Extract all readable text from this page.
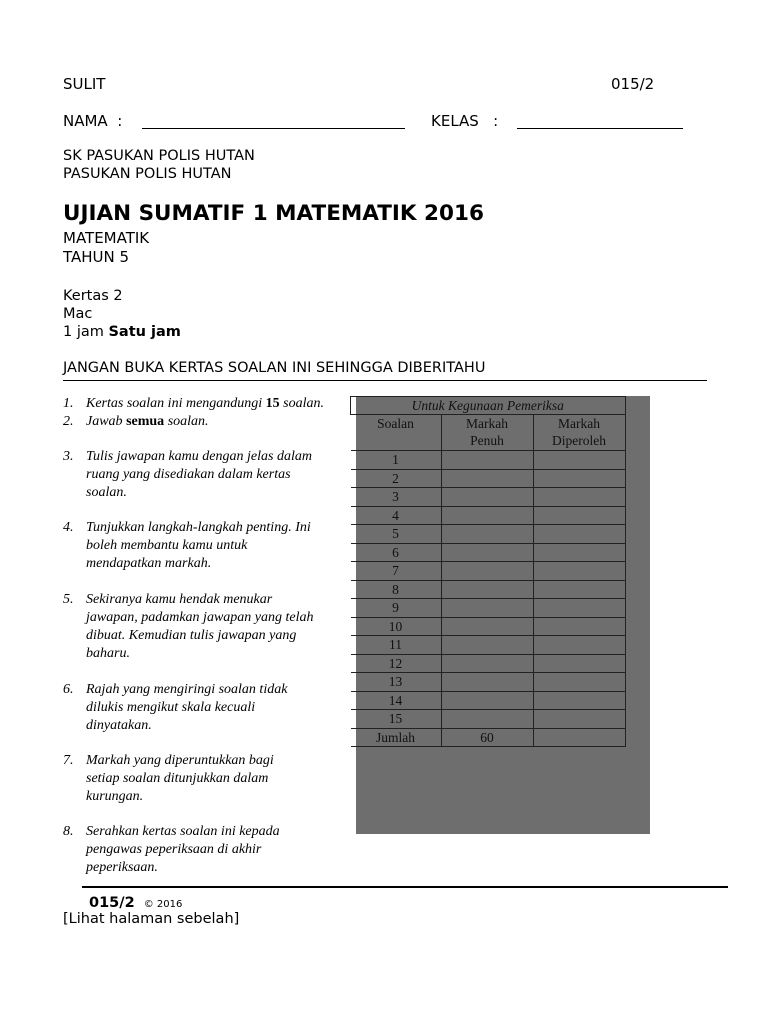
SULIT	015/2
NAMA  :	KELAS   :
SK PASUKAN POLIS HUTAN
PASUKAN POLIS HUTAN
UJIAN SUMATIF 1 MATEMATIK 2016
MATEMATIK
TAHUN 5
Kertas 2
Mac
1 jam Satu jam
JANGAN BUKA KERTAS SOALAN INI SEHINGGA DIBERITAHU
1. Kertas soalan ini mengandungi 15 soalan.
2. Jawab semua soalan.
3. Tulis jawapan kamu dengan jelas dalam ruang yang disediakan dalam kertas soalan.
4. Tunjukkan langkah-langkah penting. Ini boleh membantu kamu untuk mendapatkan markah.
5. Sekiranya kamu hendak menukar jawapan, padamkan jawapan yang telah dibuat. Kemudian tulis jawapan yang baharu.
6. Rajah yang mengiringi soalan tidak dilukis mengikut skala kecuali dinyatakan.
7. Markah yang diperuntukkan bagi setiap soalan ditunjukkan dalam kurungan.
8. Serahkan kertas soalan ini kepada pengawas peperiksaan di akhir peperiksaan.
Untuk Kegunaan Pemeriksa		
Soalan	Markah Penuh	Markah Diperoleh
1		
2		
3		
4		
5		
6		
7		
8		
9		
10		
11		
12		
13		
14		
15		
Jumlah	60	
015/2 © 2016
[Lihat halaman sebelah]
